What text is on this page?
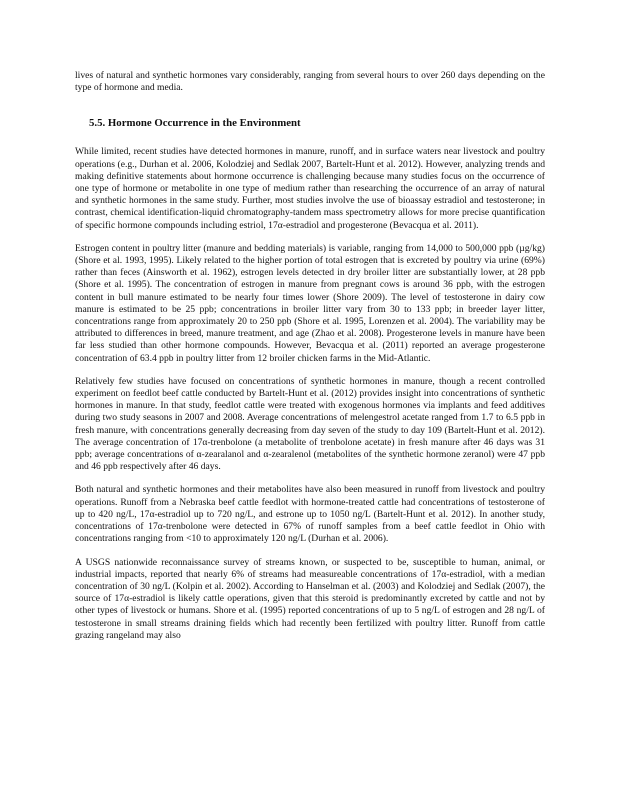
lives of natural and synthetic hormones vary considerably, ranging from several hours to over 260 days depending on the type of hormone and media.

5.5. Hormone Occurrence in the Environment

While limited, recent studies have detected hormones in manure, runoff, and in surface waters near livestock and poultry operations (e.g., Durhan et al. 2006, Kolodziej and Sedlak 2007, Bartelt-Hunt et al. 2012). However, analyzing trends and making definitive statements about hormone occurrence is challenging because many studies focus on the occurrence of one type of hormone or metabolite in one type of medium rather than researching the occurrence of an array of natural and synthetic hormones in the same study. Further, most studies involve the use of bioassay estradiol and testosterone; in contrast, chemical identification-liquid chromatography-tandem mass spectrometry allows for more precise quantification of specific hormone compounds including estriol, 17α-estradiol and progesterone (Bevacqua et al. 2011).

Estrogen content in poultry litter (manure and bedding materials) is variable, ranging from 14,000 to 500,000 ppb (µg/kg) (Shore et al. 1993, 1995). Likely related to the higher portion of total estrogen that is excreted by poultry via urine (69%) rather than feces (Ainsworth et al. 1962), estrogen levels detected in dry broiler litter are substantially lower, at 28 ppb (Shore et al. 1995). The concentration of estrogen in manure from pregnant cows is around 36 ppb, with the estrogen content in bull manure estimated to be nearly four times lower (Shore 2009). The level of testosterone in dairy cow manure is estimated to be 25 ppb; concentrations in broiler litter vary from 30 to 133 ppb; in breeder layer litter, concentrations range from approximately 20 to 250 ppb (Shore et al. 1995, Lorenzen et al. 2004). The variability may be attributed to differences in breed, manure treatment, and age (Zhao et al. 2008). Progesterone levels in manure have been far less studied than other hormone compounds. However, Bevacqua et al. (2011) reported an average progesterone concentration of 63.4 ppb in poultry litter from 12 broiler chicken farms in the Mid-Atlantic.

Relatively few studies have focused on concentrations of synthetic hormones in manure, though a recent controlled experiment on feedlot beef cattle conducted by Bartelt-Hunt et al. (2012) provides insight into concentrations of synthetic hormones in manure. In that study, feedlot cattle were treated with exogenous hormones via implants and feed additives during two study seasons in 2007 and 2008. Average concentrations of melengestrol acetate ranged from 1.7 to 6.5 ppb in fresh manure, with concentrations generally decreasing from day seven of the study to day 109 (Bartelt-Hunt et al. 2012). The average concentration of 17α-trenbolone (a metabolite of trenbolone acetate) in fresh manure after 46 days was 31 ppb; average concentrations of α-zearalanol and α-zearalenol (metabolites of the synthetic hormone zeranol) were 47 ppb and 46 ppb respectively after 46 days.

Both natural and synthetic hormones and their metabolites have also been measured in runoff from livestock and poultry operations. Runoff from a Nebraska beef cattle feedlot with hormone-treated cattle had concentrations of testosterone of up to 420 ng/L, 17α-estradiol up to 720 ng/L, and estrone up to 1050 ng/L (Bartelt-Hunt et al. 2012). In another study, concentrations of 17α-trenbolone were detected in 67% of runoff samples from a beef cattle feedlot in Ohio with concentrations ranging from <10 to approximately 120 ng/L (Durhan et al. 2006).

A USGS nationwide reconnaissance survey of streams known, or suspected to be, susceptible to human, animal, or industrial impacts, reported that nearly 6% of streams had measureable concentrations of 17α-estradiol, with a median concentration of 30 ng/L (Kolpin et al. 2002). According to Hanselman et al. (2003) and Kolodziej and Sedlak (2007), the source of 17α-estradiol is likely cattle operations, given that this steroid is predominantly excreted by cattle and not by other types of livestock or humans. Shore et al. (1995) reported concentrations of up to 5 ng/L of estrogen and 28 ng/L of testosterone in small streams draining fields which had recently been fertilized with poultry litter. Runoff from cattle grazing rangeland may also
